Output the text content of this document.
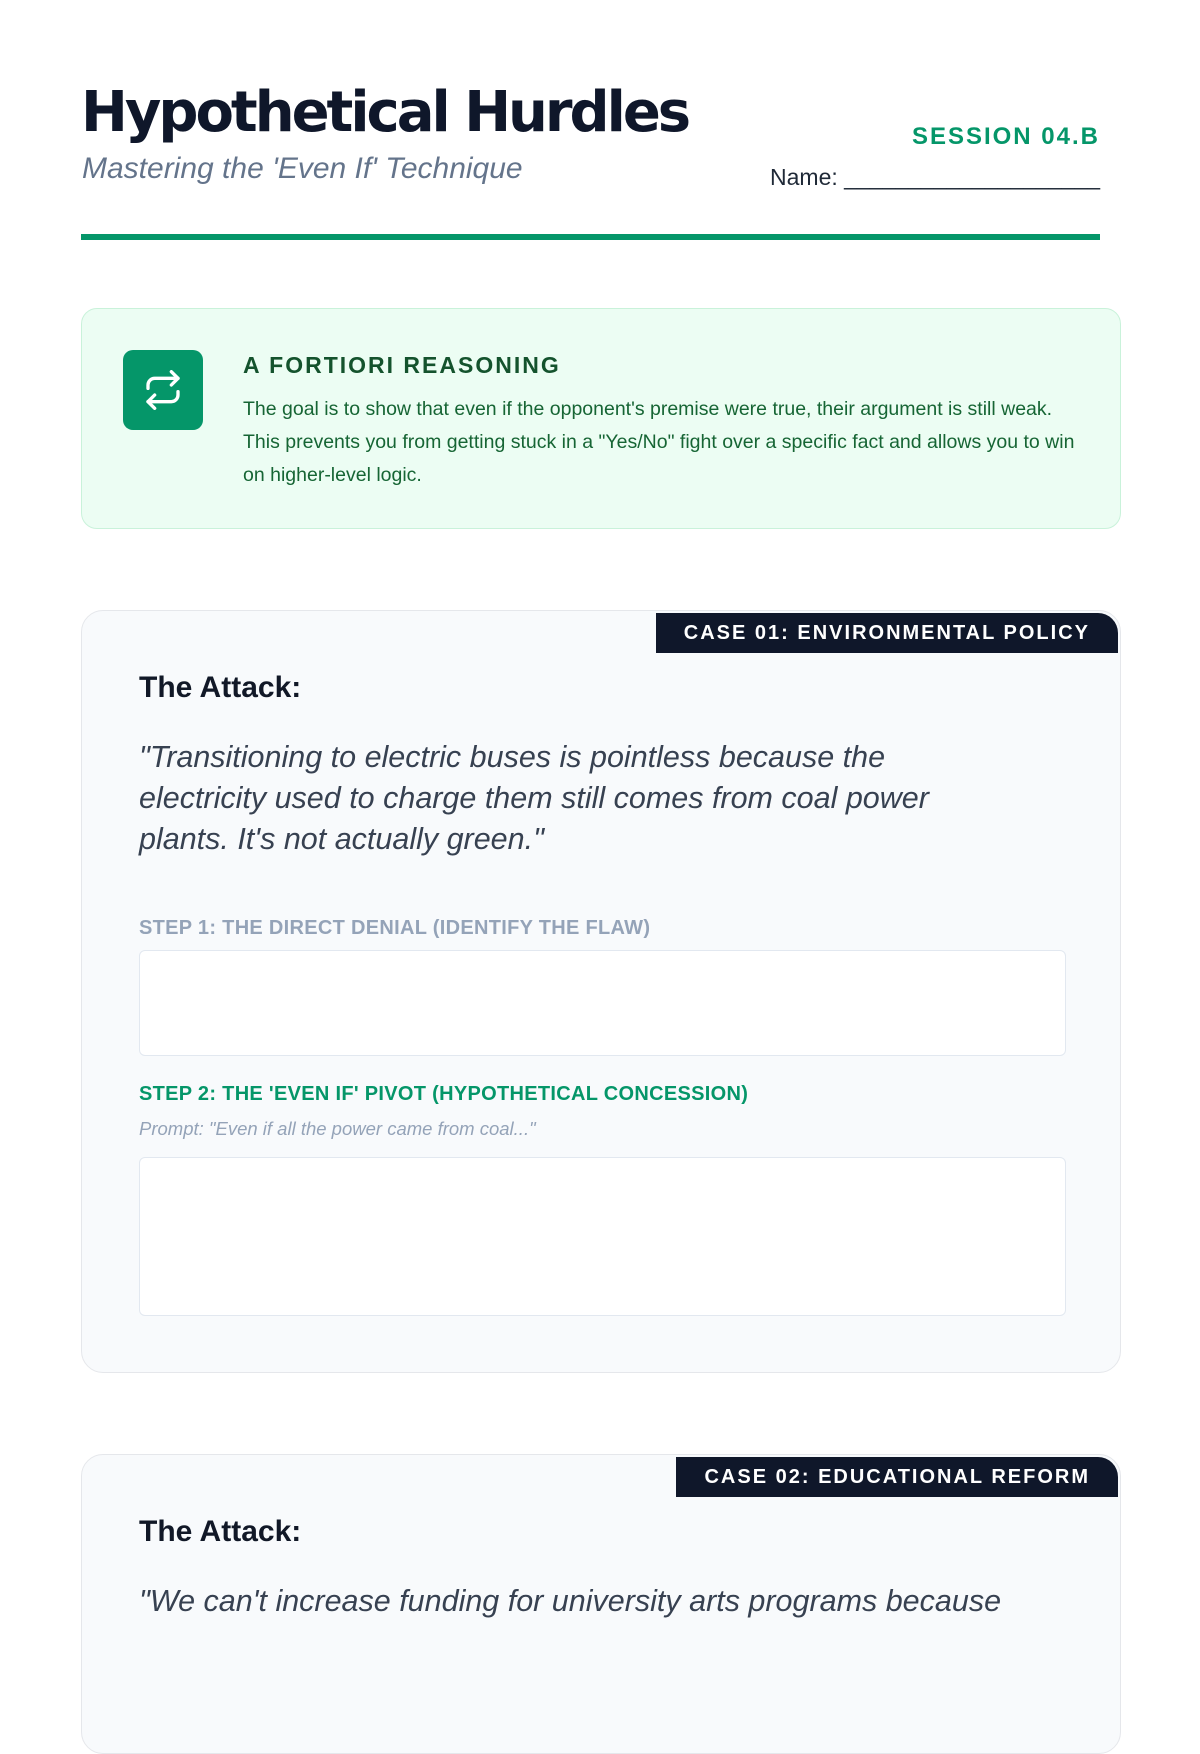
Hypothetical Hurdles
Mastering the 'Even If' Technique
SESSION 04.B
Name: ____________________
A FORTIORI REASONING
The goal is to show that even if the opponent's premise were true, their argument is still weak. This prevents you from getting stuck in a "Yes/No" fight over a specific fact and allows you to win on higher-level logic.
CASE 01: ENVIRONMENTAL POLICY
The Attack:
"Transitioning to electric buses is pointless because the electricity used to charge them still comes from coal power plants. It's not actually green."
STEP 1: THE DIRECT DENIAL (IDENTIFY THE FLAW)
STEP 2: THE 'EVEN IF' PIVOT (HYPOTHETICAL CONCESSION)
Prompt: "Even if all the power came from coal..."
CASE 02: EDUCATIONAL REFORM
The Attack:
"We can't increase funding for university arts programs because
